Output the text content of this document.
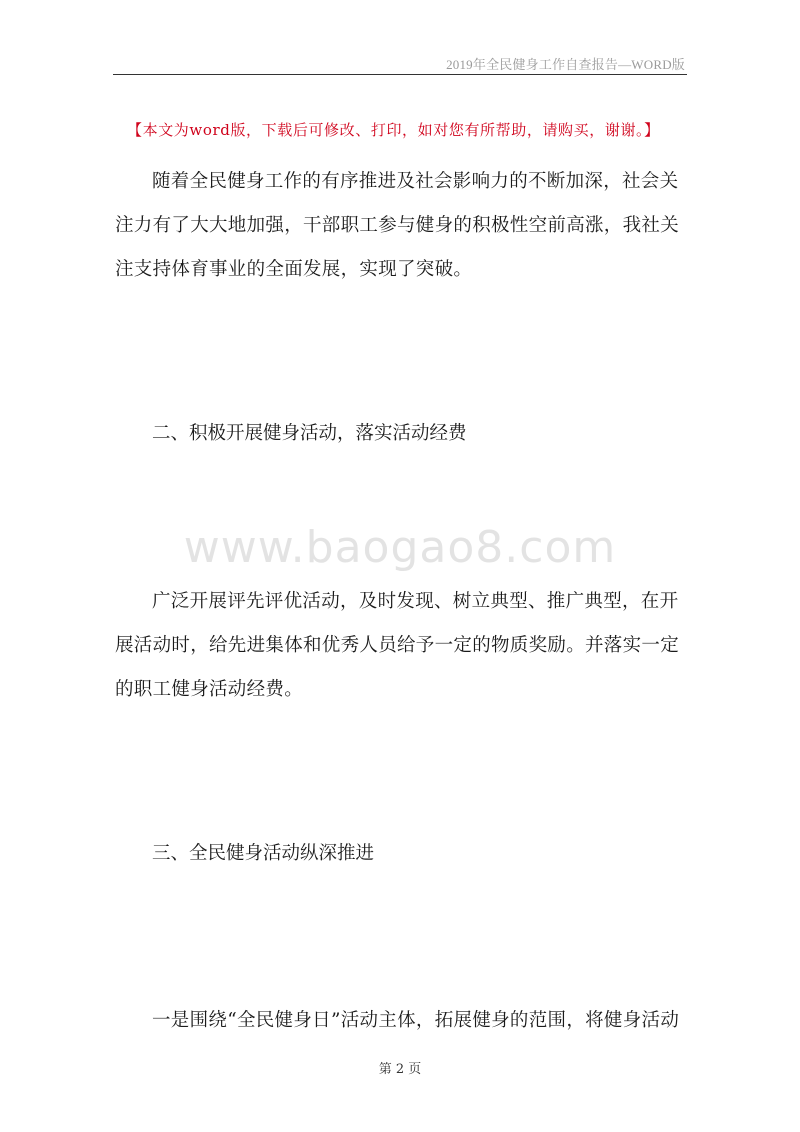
2019年全民健身工作自查报告—WORD版
【本文为word版，下载后可修改、打印，如对您有所帮助，请购买，谢谢。】

随着全民健身工作的有序推进及社会影响力的不断加深，社会关注力有了大大地加强，干部职工参与健身的积极性空前高涨，我社关注支持体育事业的全面发展，实现了突破。

二、积极开展健身活动，落实活动经费

www.baogao8.com

广泛开展评先评优活动，及时发现、树立典型、推广典型，在开展活动时，给先进集体和优秀人员给予一定的物质奖励。并落实一定的职工健身活动经费。

三、全民健身活动纵深推进

一是围绕“全民健身日”活动主体，拓展健身的范围，将健身活动

第 2 页
